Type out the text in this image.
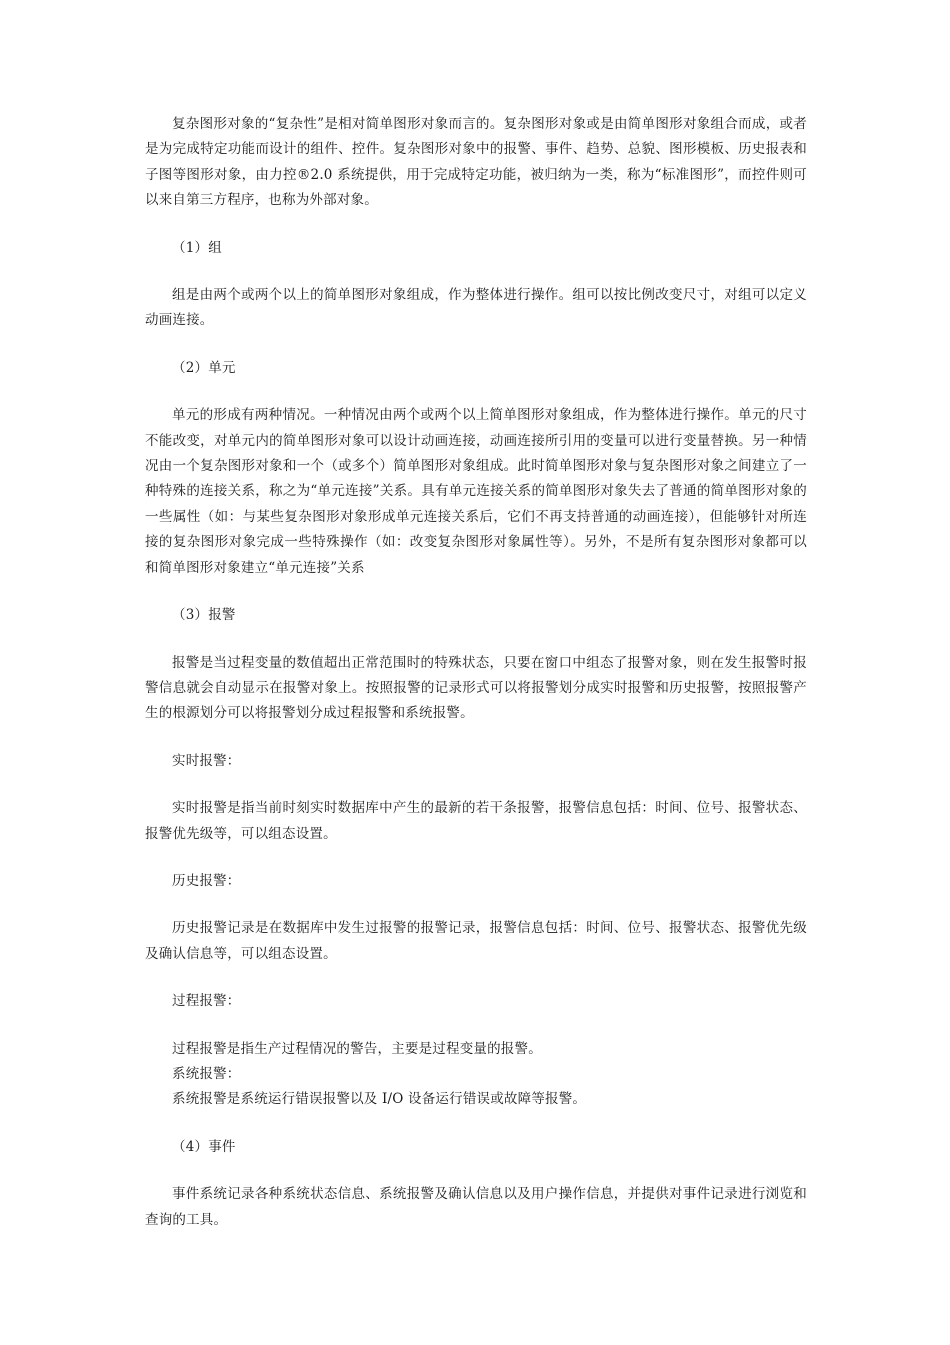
复杂图形对象的“复杂性”是相对简单图形对象而言的。复杂图形对象或是由简单图形对象组合而成，或者是为完成特定功能而设计的组件、控件。复杂图形对象中的报警、事件、趋势、总貌、图形模板、历史报表和子图等图形对象，由力控®2.0 系统提供，用于完成特定功能，被归纳为一类，称为“标准图形”，而控件则可以来自第三方程序，也称为外部对象。

（1）组

组是由两个或两个以上的简单图形对象组成，作为整体进行操作。组可以按比例改变尺寸，对组可以定义动画连接。

（2）单元

单元的形成有两种情况。一种情况由两个或两个以上简单图形对象组成，作为整体进行操作。单元的尺寸不能改变，对单元内的简单图形对象可以设计动画连接，动画连接所引用的变量可以进行变量替换。另一种情况由一个复杂图形对象和一个（或多个）简单图形对象组成。此时简单图形对象与复杂图形对象之间建立了一种特殊的连接关系，称之为“单元连接”关系。具有单元连接关系的简单图形对象失去了普通的简单图形对象的一些属性（如：与某些复杂图形对象形成单元连接关系后，它们不再支持普通的动画连接），但能够针对所连接的复杂图形对象完成一些特殊操作（如：改变复杂图形对象属性等）。另外，不是所有复杂图形对象都可以和简单图形对象建立“单元连接”关系

（3）报警

报警是当过程变量的数值超出正常范围时的特殊状态，只要在窗口中组态了报警对象，则在发生报警时报警信息就会自动显示在报警对象上。按照报警的记录形式可以将报警划分成实时报警和历史报警，按照报警产生的根源划分可以将报警划分成过程报警和系统报警。

实时报警：

实时报警是指当前时刻实时数据库中产生的最新的若干条报警，报警信息包括：时间、位号、报警状态、报警优先级等，可以组态设置。

历史报警：

历史报警记录是在数据库中发生过报警的报警记录，报警信息包括：时间、位号、报警状态、报警优先级及确认信息等，可以组态设置。

过程报警：

过程报警是指生产过程情况的警告，主要是过程变量的报警。

系统报警：

系统报警是系统运行错误报警以及 I/O 设备运行错误或故障等报警。

（4）事件

事件系统记录各种系统状态信息、系统报警及确认信息以及用户操作信息，并提供对事件记录进行浏览和查询的工具。
